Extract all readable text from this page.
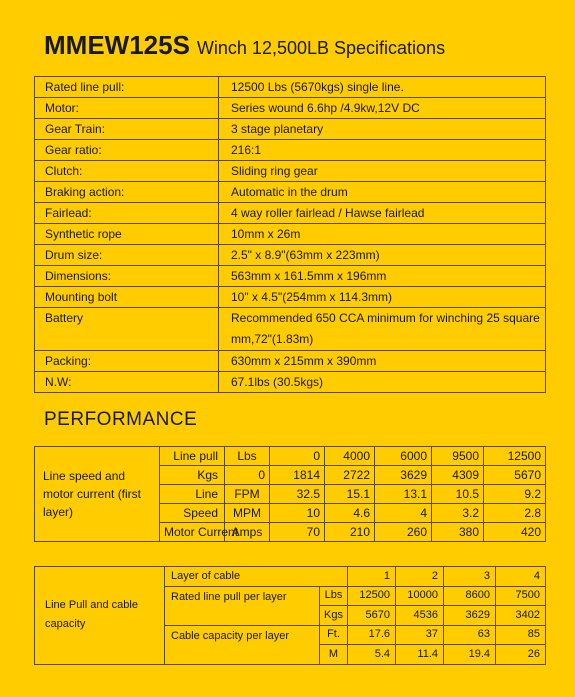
MMEW125S Winch 12,500LB Specifications
Rated line pull:	12500 Lbs (5670kgs) single line.
Motor:	Series wound 6.6hp /4.9kw,12V DC
Gear Train:	3 stage planetary
Gear ratio:	216:1
Clutch:	Sliding ring gear
Braking action:	Automatic in the drum
Fairlead:	4 way roller fairlead / Hawse fairlead
Synthetic rope	10mm x 26m
Drum size:	2.5" x 8.9"(63mm x 223mm)
Dimensions:	563mm x 161.5mm x 196mm
Mounting bolt	10" x 4.5"(254mm x 114.3mm)
Battery	Recommended 650 CCA minimum for winching 25 square mm,72"(1.83m)
Packing:	630mm x 215mm x 390mm
N.W:	67.1lbs (30.5kgs)
PERFORMANCE
Line speed and motor current (first layer)	Line pull	Lbs	0	4000	6000	9500	12500
	Kgs	0	1814	2722	3629	4309	5670
	Line	FPM	32.5	15.1	13.1	10.5	9.2
	Speed	MPM	10	4.6	4	3.2	2.8
	Motor Current	Amps	70	210	260	380	420
Line Pull and cable capacity	Layer of cable		1	2	3	4
	Rated line pull per layer	Lbs	12500	10000	8600	7500
		Kgs	5670	4536	3629	3402
	Cable capacity per layer	Ft.	17.6	37	63	85
		M	5.4	11.4	19.4	26
